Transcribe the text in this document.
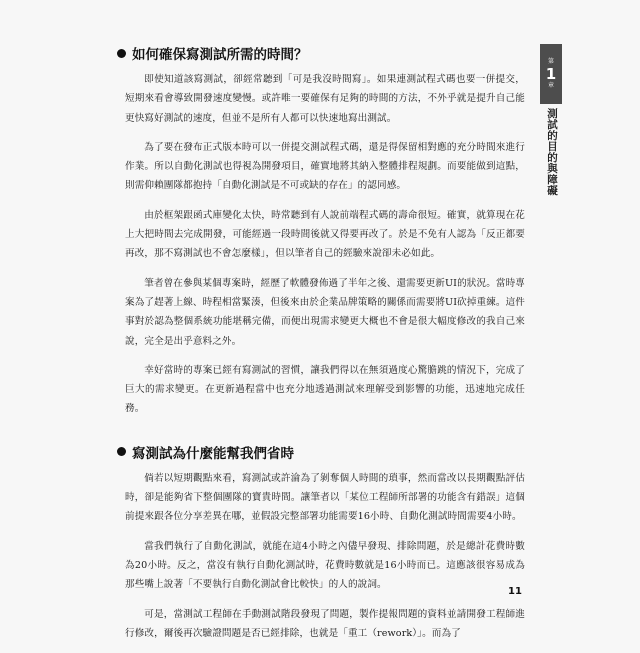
第
1
章
測試的目的與障礙
如何確保寫測試所需的時間？

即使知道該寫測試，卻經常聽到「可是我沒時間寫」。如果連測試程式碼也要一併提交，短期來看會導致開發速度變慢。或許唯一要確保有足夠的時間的方法，不外乎就是提升自己能更快寫好測試的速度，但並不是所有人都可以快速地寫出測試。

為了要在發布正式版本時可以一併提交測試程式碼，還是得保留相對應的充分時間來進行作業。所以自動化測試也得視為開發項目，確實地將其納入整體排程規劃。而要能做到這點，則需仰賴團隊都抱持「自動化測試是不可或缺的存在」的認同感。

由於框架跟函式庫變化太快，時常聽到有人說前端程式碼的壽命很短。確實，就算現在花上大把時間去完成開發，可能經過一段時間後就又得要再改了。於是不免有人認為「反正都要再改，那不寫測試也不會怎麼樣」，但以筆者自己的經驗來說卻未必如此。

筆者曾在參與某個專案時，經歷了軟體發佈過了半年之後、還需要更新UI的狀況。當時專案為了趕著上線、時程相當緊湊，但後來由於企業品牌策略的關係而需要將UI砍掉重練。這件事對於認為整個系統功能堪稱完備，而便出現需求變更大概也不會是很大幅度修改的我自己來說，完全是出乎意料之外。

幸好當時的專案已經有寫測試的習慣，讓我們得以在無須過度心驚膽跳的情況下，完成了巨大的需求變更。在更新過程當中也充分地透過測試來理解受到影響的功能，迅速地完成任務。

寫測試為什麼能幫我們省時

倘若以短期觀點來看，寫測試或許淪為了剝奪個人時間的瑣事，然而當改以長期觀點評估時，卻是能夠省下整個團隊的寶貴時間。讓筆者以「某位工程師所部署的功能含有錯誤」這個前提來跟各位分享差異在哪，並假設完整部署功能需要16小時、自動化測試時間需要4小時。

當我們執行了自動化測試，就能在這4小時之內儘早發現、排除問題，於是總計花費時數為20小時。反之，當沒有執行自動化測試時，花費時數就是16小時而已。這應該很容易成為那些嘴上說著「不要執行自動化測試會比較快」的人的說詞。

可是，當測試工程師在手動測試階段發現了問題，製作提報問題的資料並請開發工程師進行修改，爾後再次驗證問題是否已經排除，也就是「重工（rework）」。而為了

11
